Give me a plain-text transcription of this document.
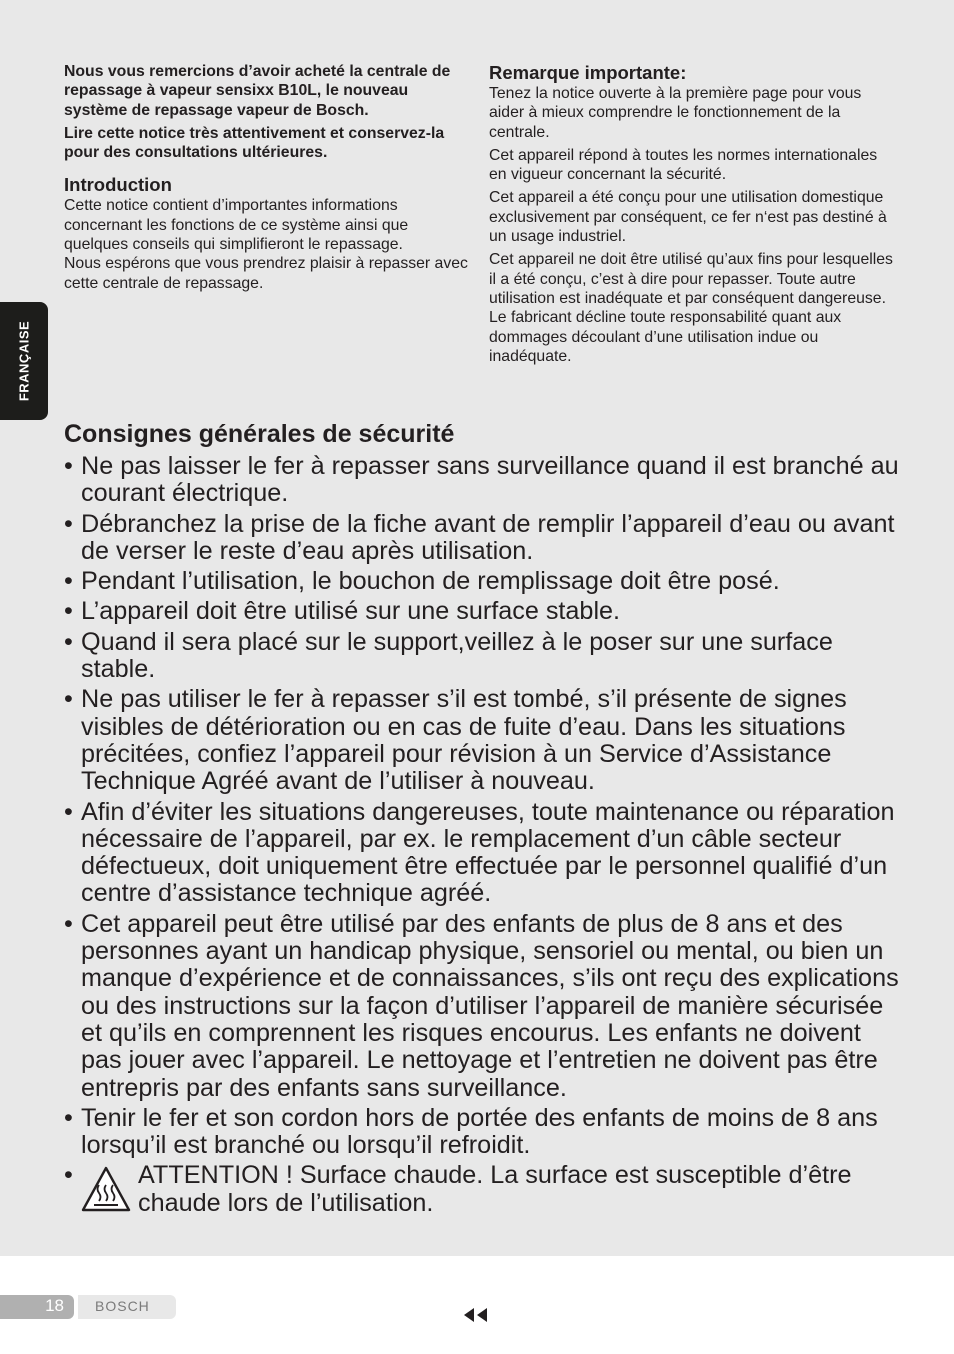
FRANÇAISE

Nous vous remercions d’avoir acheté la centrale de repassage à vapeur sensixx B10L, le nouveau système de repassage vapeur de Bosch.

Lire cette notice très attentivement et conservez-la pour des consultations ultérieures.

Introduction

Cette notice contient d’importantes informations concernant les fonctions de ce système ainsi que quelques conseils qui simplifieront le repassage.

Nous espérons que vous prendrez plaisir à repasser avec cette centrale de repassage.

Remarque importante:

Tenez la notice ouverte à la première page pour vous aider à mieux comprendre le fonctionnement de la centrale.

Cet appareil répond à toutes les normes internationales en vigueur concernant la sécurité.

Cet appareil a été conçu pour une utilisation domestique exclusivement par conséquent, ce fer n‘est pas destiné à un usage industriel.

Cet appareil ne doit être utilisé qu’aux fins pour lesquelles il a été conçu, c’est à dire pour repasser. Toute autre utilisation est inadéquate et par conséquent dangereuse. Le fabricant décline toute responsabilité quant aux dommages découlant d’une utilisation indue ou inadéquate.

Consignes générales de sécurité
• Ne pas laisser le fer à repasser sans surveillance quand il est branché au courant électrique.
• Débranchez la prise de la fiche avant de remplir l’appareil d’eau ou avant de verser le reste d’eau après utilisation.
• Pendant l’utilisation, le bouchon de remplissage doit être posé.
• L’appareil doit être utilisé sur une surface stable.
• Quand il sera placé sur le support,veillez à le poser sur une surface stable.
• Ne pas utiliser le fer à repasser s’il est tombé, s’il présente de signes visibles de détérioration ou en cas de fuite d’eau. Dans les situations précitées, confiez l’appareil pour révision à un Service d’Assistance Technique Agréé avant de l’utiliser à nouveau.
• Afin d’éviter les situations dangereuses, toute maintenance ou réparation nécessaire de l’appareil, par ex. le remplacement d’un câble secteur défectueux, doit uniquement être effectuée par le personnel qualifié d’un centre d’assistance technique agréé.
• Cet appareil peut être utilisé par des enfants de plus de 8 ans et des personnes ayant un handicap physique, sensoriel ou mental, ou bien un manque d’expérience et de connaissances, s’ils ont reçu des explications ou des instructions sur la façon d’utiliser l’appareil de manière sécurisée et qu’ils en comprennent les risques encourus. Les enfants ne doivent pas jouer avec l’appareil. Le nettoyage et l’entretien ne doivent pas être entrepris par des enfants sans surveillance.
• Tenir le fer et son cordon hors de portée des enfants de moins de 8 ans lorsqu’il est branché ou lorsqu’il refroidit.
•	ATTENTION ! Surface chaude. La surface est susceptible d’être chaude lors de l’utilisation.
18 BOSCH
